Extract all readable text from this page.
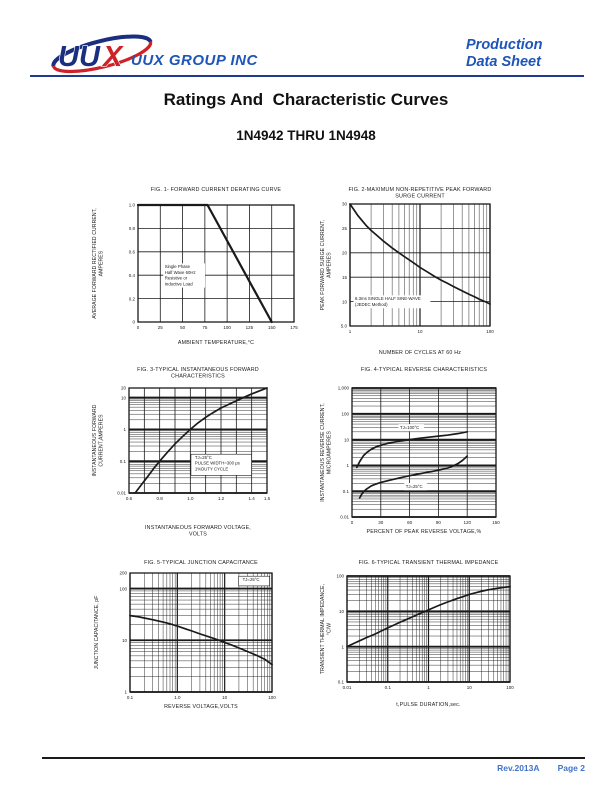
UU X UUX GROUP INC
Production
Data Sheet
Ratings And  Characteristic Curves
1N4942 THRU 1N4948
Single Phase
Half Wave 60Hz
Resistive or
Inductive Load
0
0.2
0.4
0.6
0.8
1.0
0	25	50	75	100	125	150	175
FIG. 1- FORWARD CURRENT DERATING CURVE
AMBIENT TEMPERATURE,°C
AVERAGE FORWARD RECTIFIED CURRENT, AMPERES
8.3ms SINGLE HALF SINE-WAVE
(JEDEC Method)
5.0
10
15
20
25
30
1	10	100
FIG. 2-MAXIMUM NON-REPETITIVE PEAK FORWARD
SURGE CURRENT
NUMBER OF CYCLES AT 60 Hz
PEAK FORWARD SURGE CURRENT, AMPERES
TJ=25°C
PULSE WIDTH=300 μs
1%DUTY CYCLE
0.01
0.1
1
10
20
0.6	0.8	1.0	1.2	1.4 1.5
FIG. 3-TYPICAL INSTANTANEOUS FORWARD
CHARACTERISTICS
INSTANTANEOUS FORWARD VOLTAGE,
VOLTS
INSTANTANEOUS FORWARD CURRENT,AMPERES	TJ=100°C
TJ=25°C
0.01
0.1
1
10
100
1,000
0	30	60	90	120	150
FIG. 4-TYPICAL REVERSE CHARACTERISTICS
PERCENT OF PEAK REVERSE VOLTAGE,%
INSTANTANEOUS REVERSE CURRENT, MICROAMPERES
TJ=25°C
1
10
100
200
0.1	1.0	10	100
FIG. 5-TYPICAL JUNCTION CAPACITANCE
REVERSE VOLTAGE,VOLTS
JUNCTION CAPACITANCE, pF
0.1
1
10
100
0.01	0.1	1	10	100
FIG. 6-TYPICAL TRANSIENT THERMAL IMPEDANCE
t,PULSE DURATION,sec.
TRANSIENT THERMAL IMPEDANCE, °C/W
Rev.2013A Page 2
